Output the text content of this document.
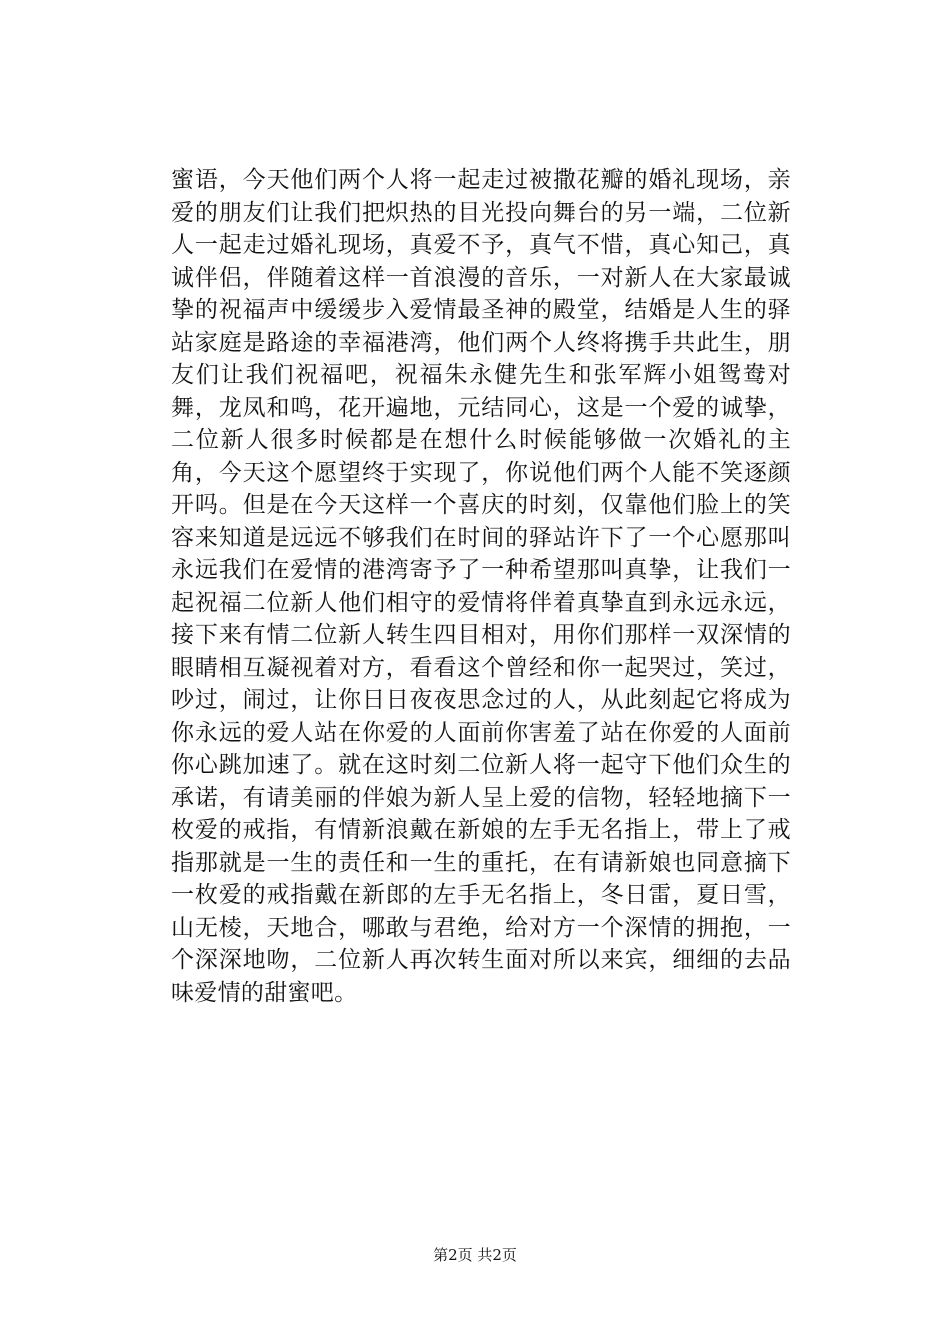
蜜语，今天他们两个人将一起走过被撒花瓣的婚礼现场，亲爱的朋友们让我们把炽热的目光投向舞台的另一端，二位新人一起走过婚礼现场，真爱不予，真气不惜，真心知己，真诚伴侣，伴随着这样一首浪漫的音乐，一对新人在大家最诚挚的祝福声中缓缓步入爱情最圣神的殿堂，结婚是人生的驿站家庭是路途的幸福港湾，他们两个人终将携手共此生，朋友们让我们祝福吧，祝福朱永健先生和张军辉小姐鸳鸯对舞，龙凤和鸣，花开遍地，元结同心，这是一个爱的诚挚，二位新人很多时候都是在想什么时候能够做一次婚礼的主角，今天这个愿望终于实现了，你说他们两个人能不笑逐颜开吗。但是在今天这样一个喜庆的时刻，仅靠他们脸上的笑容来知道是远远不够我们在时间的驿站许下了一个心愿那叫永远我们在爱情的港湾寄予了一种希望那叫真挚，让我们一起祝福二位新人他们相守的爱情将伴着真挚直到永远永远，接下来有情二位新人转生四目相对，用你们那样一双深情的眼睛相互凝视着对方，看看这个曾经和你一起哭过，笑过，吵过，闹过，让你日日夜夜思念过的人，从此刻起它将成为你永远的爱人站在你爱的人面前你害羞了站在你爱的人面前你心跳加速了。就在这时刻二位新人将一起守下他们众生的承诺，有请美丽的伴娘为新人呈上爱的信物，轻轻地摘下一枚爱的戒指，有情新浪戴在新娘的左手无名指上，带上了戒指那就是一生的责任和一生的重托，在有请新娘也同意摘下一枚爱的戒指戴在新郎的左手无名指上，冬日雷，夏日雪，山无棱，天地合，哪敢与君绝，给对方一个深情的拥抱，一个深深地吻，二位新人再次转生面对所以来宾，细细的去品味爱情的甜蜜吧。

第2页 共2页
